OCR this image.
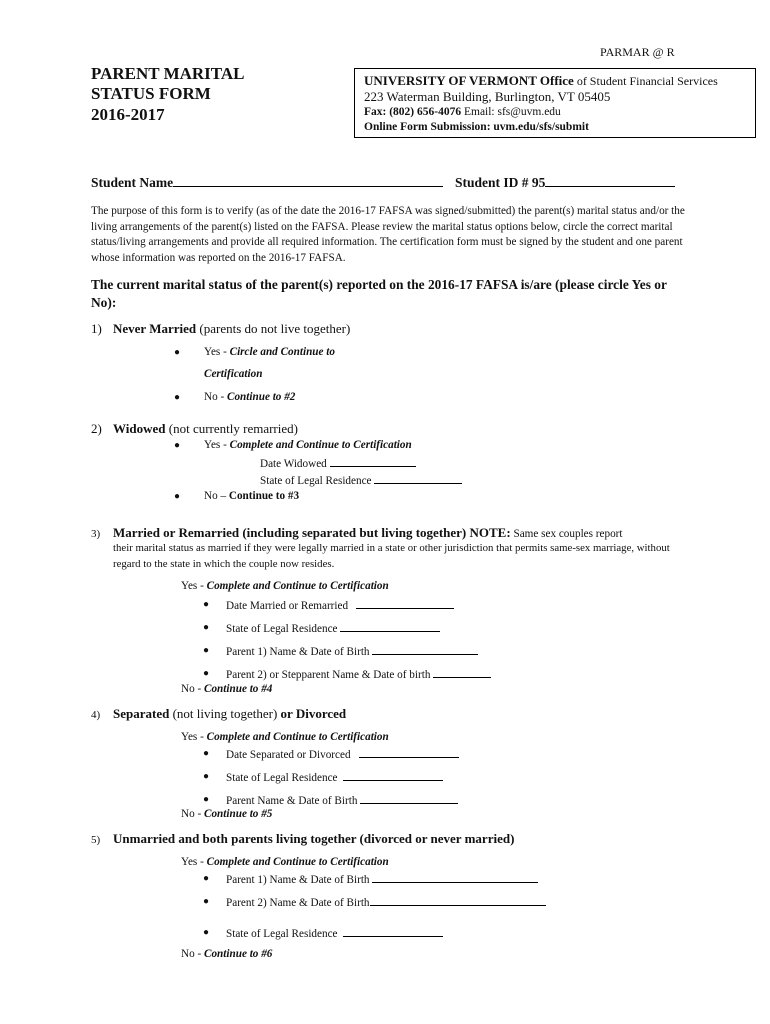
PARMAR @ R
PARENT MARITAL
STATUS FORM
2016-2017
UNIVERSITY OF VERMONT Office of Student Financial Services
223 Waterman Building, Burlington, VT 05405
Fax: (802) 656-4076 Email: sfs@uvm.edu
Online Form Submission: uvm.edu/sfs/submit
Student Name	Student ID # 95
The purpose of this form is to verify (as of the date the 2016-17 FAFSA was signed/submitted) the parent(s) marital status and/or the living arrangements of the parent(s) listed on the FAFSA. Please review the marital status options below, circle the correct marital status/living arrangements and provide all required information. The certification form must be signed by the student and one parent whose information was reported on the 2016-17 FAFSA.
The current marital status of the parent(s) reported on the 2016-17 FAFSA is/are (please circle Yes or No):
1) Never Married (parents do not live together)
● Yes - Circle and Continue to
Certification
● No - Continue to #2
2) Widowed (not currently remarried)
● Yes - Complete and Continue to Certification
Date Widowed
State of Legal Residence
● No – Continue to #3
3) Married or Remarried (including separated but living together) NOTE: Same sex couples report
their marital status as married if they were legally married in a state or other jurisdiction that permits same-sex marriage, without regard to the state in which the couple now resides.
Yes - Complete and Continue to Certification
● Date Married or Remarried
● State of Legal Residence
● Parent 1) Name & Date of Birth
● Parent 2) or Stepparent Name & Date of birth
No - Continue to #4
4) Separated (not living together) or Divorced
Yes - Complete and Continue to Certification
● Date Separated or Divorced
● State of Legal Residence
● Parent Name & Date of Birth
No - Continue to #5
5) Unmarried and both parents living together (divorced or never married)
Yes - Complete and Continue to Certification
● Parent 1) Name & Date of Birth
● Parent 2) Name & Date of Birth
● State of Legal Residence
No - Continue to #6
